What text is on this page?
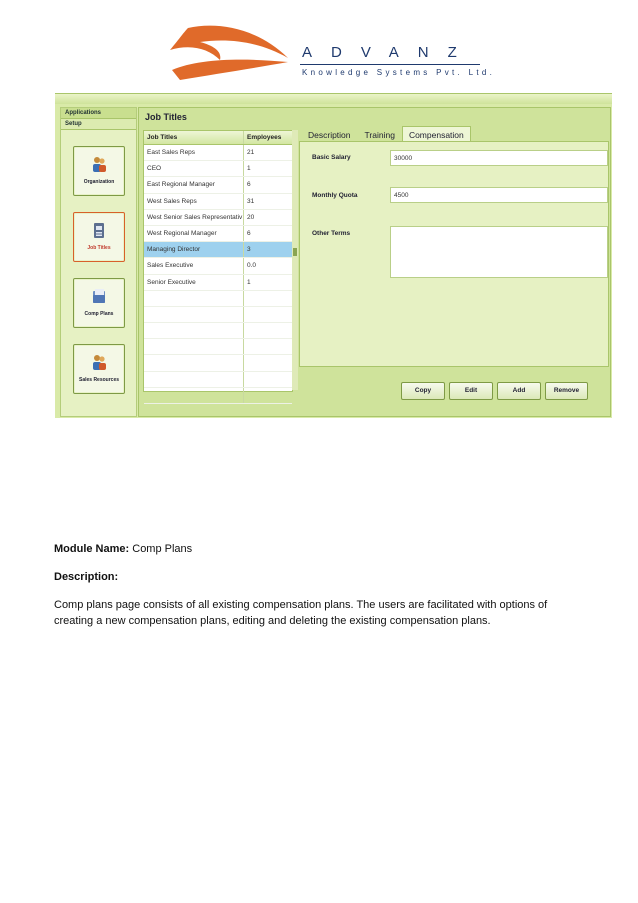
ADVANZ
Knowledge Systems Pvt. Ltd.
Applications
Setup
Organization
Job Titles
Comp Plans
Sales Resources
Job Titles
Job Titles	Employees
East Sales Reps	21
CEO	1
East Regional Manager	6
West Sales Reps	31
West Senior Sales Representativ 20
West Regional Manager	6
Managing Director	3
Sales Executive	0.0
Senior Executive	1
Description	Training	Compensation
Basic Salary	30000
Monthly Quota	4500
Other Terms
Copy	Edit	Add	Remove
Module Name: Comp Plans
Description:
Comp plans page consists of all existing compensation plans. The users are facilitated with options of
creating a new compensation plans, editing and deleting the existing compensation plans.
